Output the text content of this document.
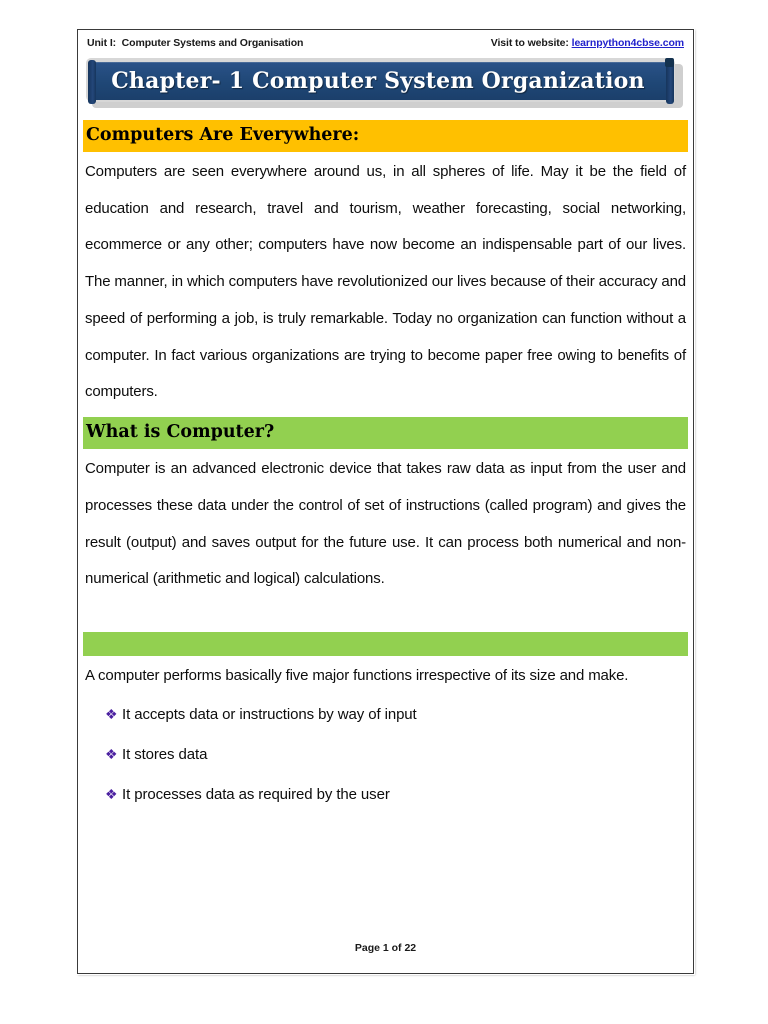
Unit I:  Computer Systems and Organisation	Visit to website: learnpython4cbse.com
Chapter- 1 Computer System Organization
Computers Are Everywhere:

Computers are seen everywhere around us, in all spheres of life. May it be the field of education and research, travel and tourism, weather forecasting, social networking, ecommerce or any other; computers have now become an indispensable part of our lives. The manner, in which computers have revolutionized our lives because of their accuracy and speed of performing a job, is truly remarkable. Today no organization can function without a computer. In fact various organizations are trying to become paper free owing to benefits of computers.

What is Computer?

Computer is an advanced electronic device that takes raw data as input from the user and processes these data under the control of set of instructions (called program) and gives the result (output) and saves output for the future use. It can process both numerical and non-numerical (arithmetic and logical) calculations.

A computer performs basically five major functions irrespective of its size and make.

❖ It accepts data or instructions by way of input
❖ It stores data
❖ It processes data as required by the user
Page 1 of 22
